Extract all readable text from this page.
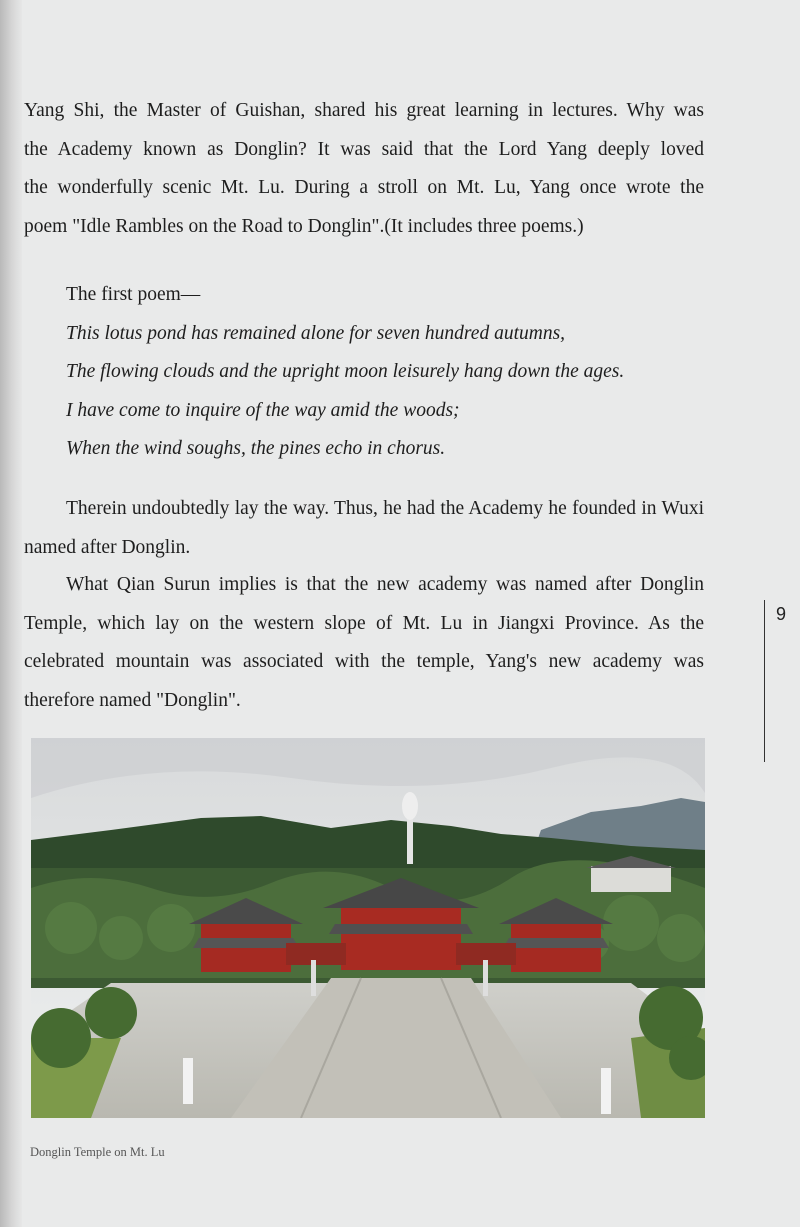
Yang Shi, the Master of Guishan, shared his great learning in lectures. Why was
the Academy known as Donglin? It was said that the Lord Yang deeply loved
the wonderfully scenic Mt. Lu. During a stroll on Mt. Lu, Yang once wrote the
poem "Idle Rambles on the Road to Donglin".(It includes three poems.)
The first poem—
This lotus pond has remained alone for seven hundred autumns,
The flowing clouds and the upright moon leisurely hang down the ages.
I have come to inquire of the way amid the woods;
When the wind soughs, the pines echo in chorus.

Therein undoubtedly lay the way. Thus, he had the Academy he founded in Wuxi named after Donglin.

What Qian Surun implies is that the new academy was named after Donglin Temple, which lay on the western slope of Mt. Lu in Jiangxi Province. As the celebrated mountain was associated with the temple, Yang's new academy was therefore named "Donglin".

9
Donglin Temple on Mt. Lu
